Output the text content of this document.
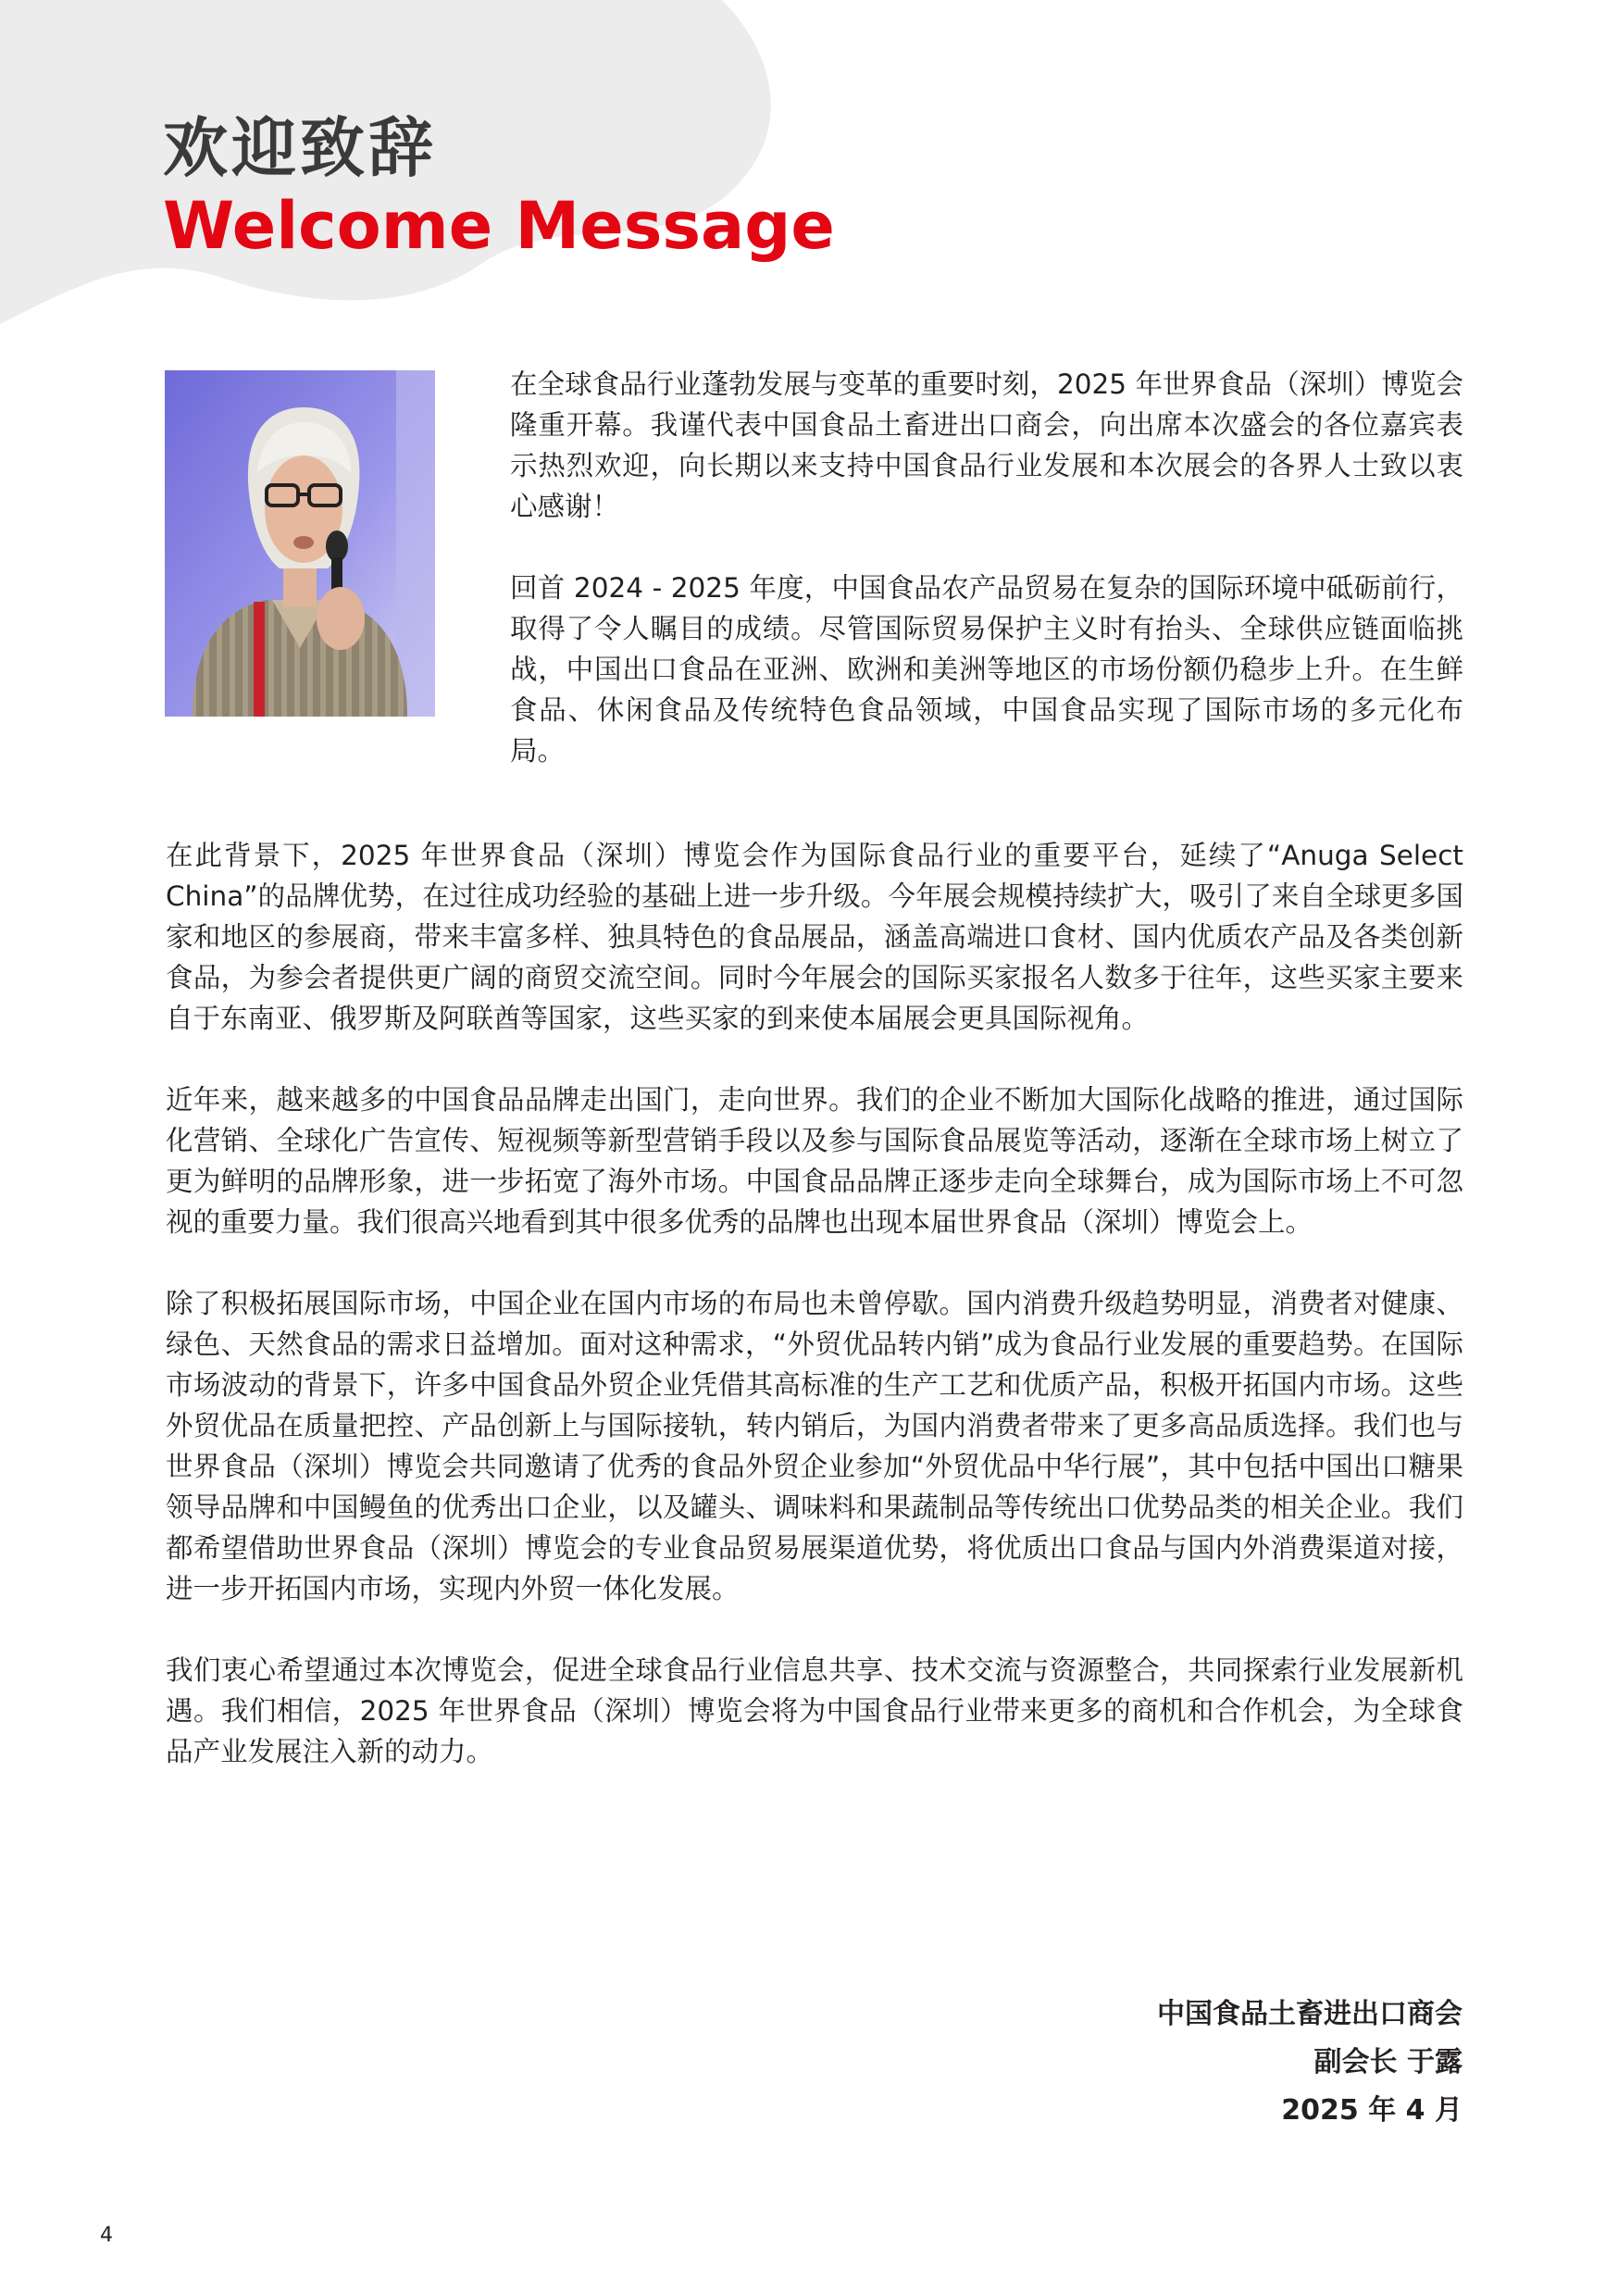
欢迎致辞
Welcome Message

在全球食品行业蓬勃发展与变革的重要时刻，2025 年世界食品（深圳）博览会隆重开幕。我谨代表中国食品土畜进出口商会，向出席本次盛会的各位嘉宾表示热烈欢迎，向长期以来支持中国食品行业发展和本次展会的各界人士致以衷心感谢！

回首 2024 - 2025 年度，中国食品农产品贸易在复杂的国际环境中砥砺前行，取得了令人瞩目的成绩。尽管国际贸易保护主义时有抬头、全球供应链面临挑战，中国出口食品在亚洲、欧洲和美洲等地区的市场份额仍稳步上升。在生鲜食品、休闲食品及传统特色食品领域，中国食品实现了国际市场的多元化布局。

在此背景下，2025 年世界食品（深圳）博览会作为国际食品行业的重要平台，延续了“Anuga Select China”的品牌优势，在过往成功经验的基础上进一步升级。今年展会规模持续扩大，吸引了来自全球更多国家和地区的参展商，带来丰富多样、独具特色的食品展品，涵盖高端进口食材、国内优质农产品及各类创新食品，为参会者提供更广阔的商贸交流空间。同时今年展会的国际买家报名人数多于往年，这些买家主要来自于东南亚、俄罗斯及阿联酋等国家，这些买家的到来使本届展会更具国际视角。

近年来，越来越多的中国食品品牌走出国门，走向世界。我们的企业不断加大国际化战略的推进，通过国际化营销、全球化广告宣传、短视频等新型营销手段以及参与国际食品展览等活动，逐渐在全球市场上树立了更为鲜明的品牌形象，进一步拓宽了海外市场。中国食品品牌正逐步走向全球舞台，成为国际市场上不可忽视的重要力量。我们很高兴地看到其中很多优秀的品牌也出现本届世界食品（深圳）博览会上。

除了积极拓展国际市场，中国企业在国内市场的布局也未曾停歇。国内消费升级趋势明显，消费者对健康、绿色、天然食品的需求日益增加。面对这种需求，“外贸优品转内销”成为食品行业发展的重要趋势。在国际市场波动的背景下，许多中国食品外贸企业凭借其高标准的生产工艺和优质产品，积极开拓国内市场。这些外贸优品在质量把控、产品创新上与国际接轨，转内销后，为国内消费者带来了更多高品质选择。我们也与世界食品（深圳）博览会共同邀请了优秀的食品外贸企业参加“外贸优品中华行展”，其中包括中国出口糖果领导品牌和中国鳗鱼的优秀出口企业，以及罐头、调味料和果蔬制品等传统出口优势品类的相关企业。我们都希望借助世界食品（深圳）博览会的专业食品贸易展渠道优势，将优质出口食品与国内外消费渠道对接，进一步开拓国内市场，实现内外贸一体化发展。

我们衷心希望通过本次博览会，促进全球食品行业信息共享、技术交流与资源整合，共同探索行业发展新机遇。我们相信，2025 年世界食品（深圳）博览会将为中国食品行业带来更多的商机和合作机会，为全球食品产业发展注入新的动力。

中国食品土畜进出口商会
副会长 于露
2025 年 4 月
4
